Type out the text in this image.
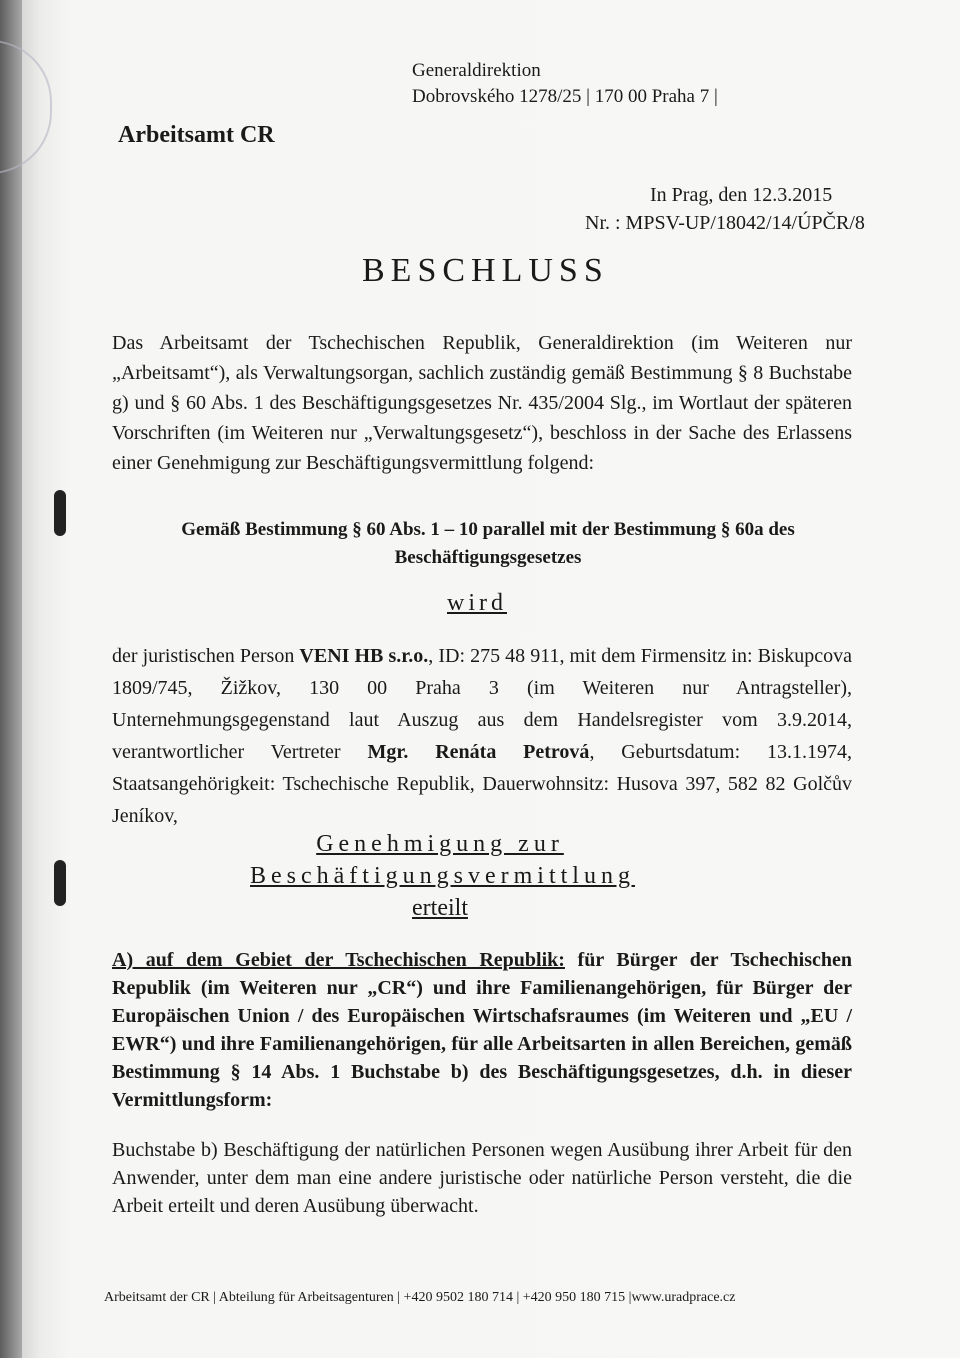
Generaldirektion
Dobrovského 1278/25 | 170 00 Praha 7 |
Arbeitsamt CR
In Prag, den 12.3.2015
Nr. : MPSV-UP/18042/14/ÚPČR/8
BESCHLUSS
Das Arbeitsamt der Tschechischen Republik, Generaldirektion (im Weiteren nur „Arbeitsamt“), als Verwaltungsorgan, sachlich zuständig gemäß Bestimmung § 8 Buchstabe g) und § 60 Abs. 1 des Beschäftigungsgesetzes Nr. 435/2004 Slg., im Wortlaut der späteren Vorschriften (im Weiteren nur „Verwaltungsgesetz“), beschloss in der Sache des Erlassens einer Genehmigung zur Beschäftigungsvermittlung folgend:
Gemäß Bestimmung § 60 Abs. 1 – 10 parallel mit der Bestimmung § 60a des Beschäftigungsgesetzes
wird
der juristischen Person VENI HB s.r.o., ID: 275 48 911, mit dem Firmensitz in: Biskupcova 1809/745, Žižkov, 130 00 Praha 3 (im Weiteren nur Antragsteller), Unternehmungsgegenstand laut Auszug aus dem Handelsregister vom 3.9.2014, verantwortlicher Vertreter Mgr. Renáta Petrová, Geburtsdatum: 13.1.1974, Staatsangehörigkeit: Tschechische Republik, Dauerwohnsitz: Husova 397, 582 82 Golčův Jeníkov,
Genehmigung zur
Beschäftigungsvermittlung
erteilt
A) auf dem Gebiet der Tschechischen Republik: für Bürger der Tschechischen Republik (im Weiteren nur „CR“) und ihre Familienangehörigen, für Bürger der Europäischen Union / des Europäischen Wirtschafsraumes (im Weiteren und „EU / EWR“) und ihre Familienangehörigen, für alle Arbeitsarten in allen Bereichen, gemäß Bestimmung § 14 Abs. 1 Buchstabe b) des Beschäftigungsgesetzes, d.h. in dieser Vermittlungsform:
Buchstabe b) Beschäftigung der natürlichen Personen wegen Ausübung ihrer Arbeit für den Anwender, unter dem man eine andere juristische oder natürliche Person versteht, die die Arbeit erteilt und deren Ausübung überwacht.
Arbeitsamt der CR | Abteilung für Arbeitsagenturen | +420 9502 180 714 | +420 950 180 715 |www.uradprace.cz
